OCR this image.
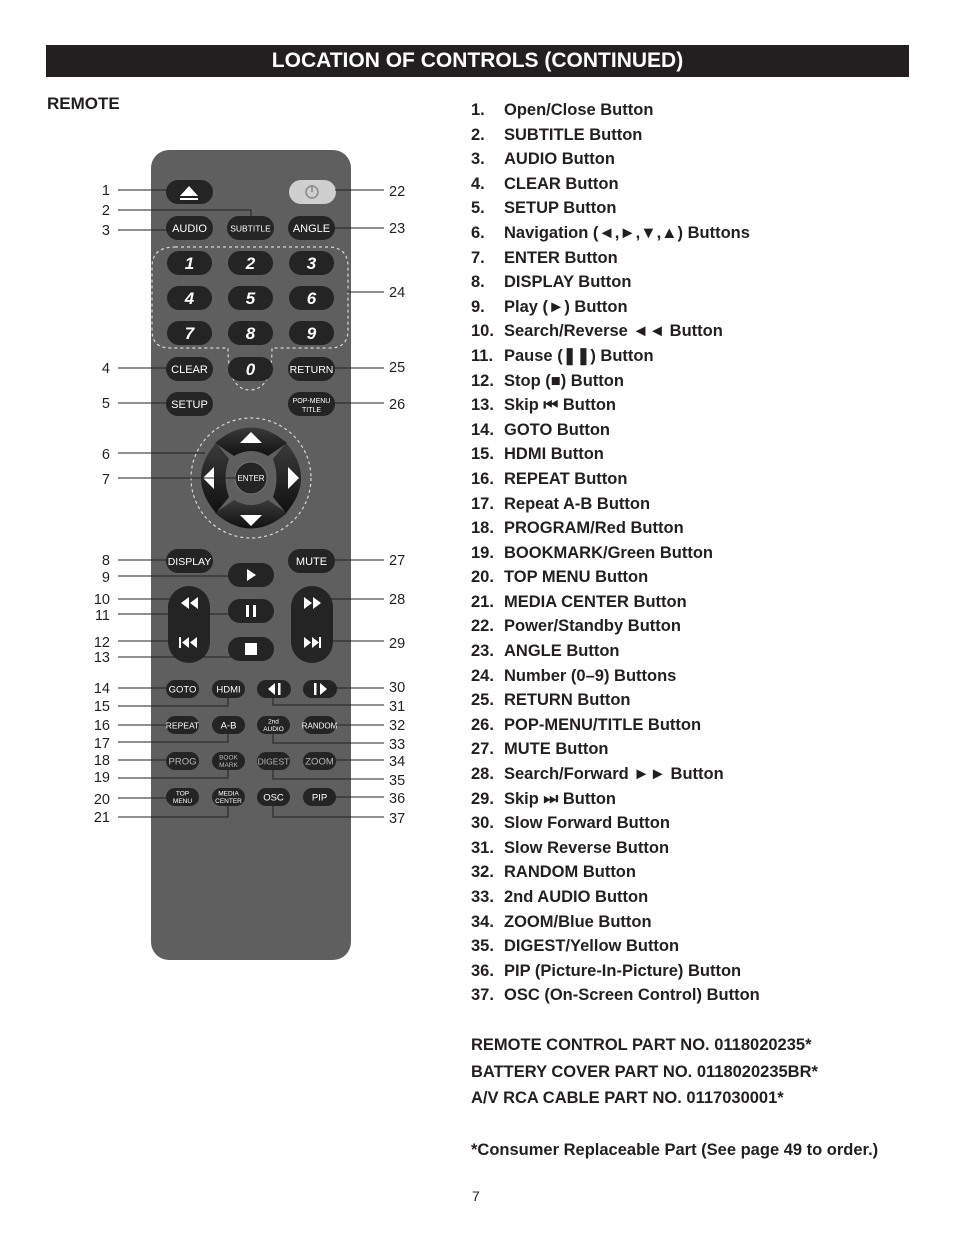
LOCATION OF CONTROLS (CONTINUED)
REMOTE
AUDIO	SUBTITLE ANGLE
1	2	3
4	5	6
7	8	9
0
CLEAR	RETURN
SETUP	POP-MENU
TITLE
ENTER
DISPLAY	MUTE
GOTO HDMI
REPEAT A-B	2nd
AUDIO RANDOM
PROG	BOOK
MARK DIGEST ZOOM
TOP
MENU
MEDIA
CENTER OSC	PIP
1
2
3
4
5
6
7
8
9
10
11
12
13
14
15
16
17
18
19
20
21
22
23
24
25
26
27
28
29
30
31
32
33
34
35
36
37
1. Open/Close Button
2. SUBTITLE Button
3. AUDIO Button
4. CLEAR Button
5. SETUP Button
6. Navigation (◄,►,▼,▲) Buttons
7. ENTER Button
8. DISPLAY Button
9. Play (►) Button
10. Search/Reverse ◄◄ Button
11. Pause (❚❚) Button
12. Stop (■) Button
13. Skip ⏮ Button
14. GOTO Button
15. HDMI Button
16. REPEAT Button
17. Repeat A-B Button
18. PROGRAM/Red Button
19. BOOKMARK/Green Button
20. TOP MENU Button
21. MEDIA CENTER Button
22. Power/Standby Button
23. ANGLE Button
24. Number (0–9) Buttons
25. RETURN Button
26. POP-MENU/TITLE Button
27. MUTE Button
28. Search/Forward ►► Button
29. Skip ⏭ Button
30. Slow Forward Button
31. Slow Reverse Button
32. RANDOM Button
33. 2nd AUDIO Button
34. ZOOM/Blue Button
35. DIGEST/Yellow Button
36. PIP (Picture-In-Picture) Button
37. OSC (On-Screen Control) Button
REMOTE CONTROL PART NO. 0118020235*
BATTERY COVER PART NO. 0118020235BR*
A/V RCA CABLE PART NO. 0117030001*
*Consumer Replaceable Part (See page 49 to order.)
7
